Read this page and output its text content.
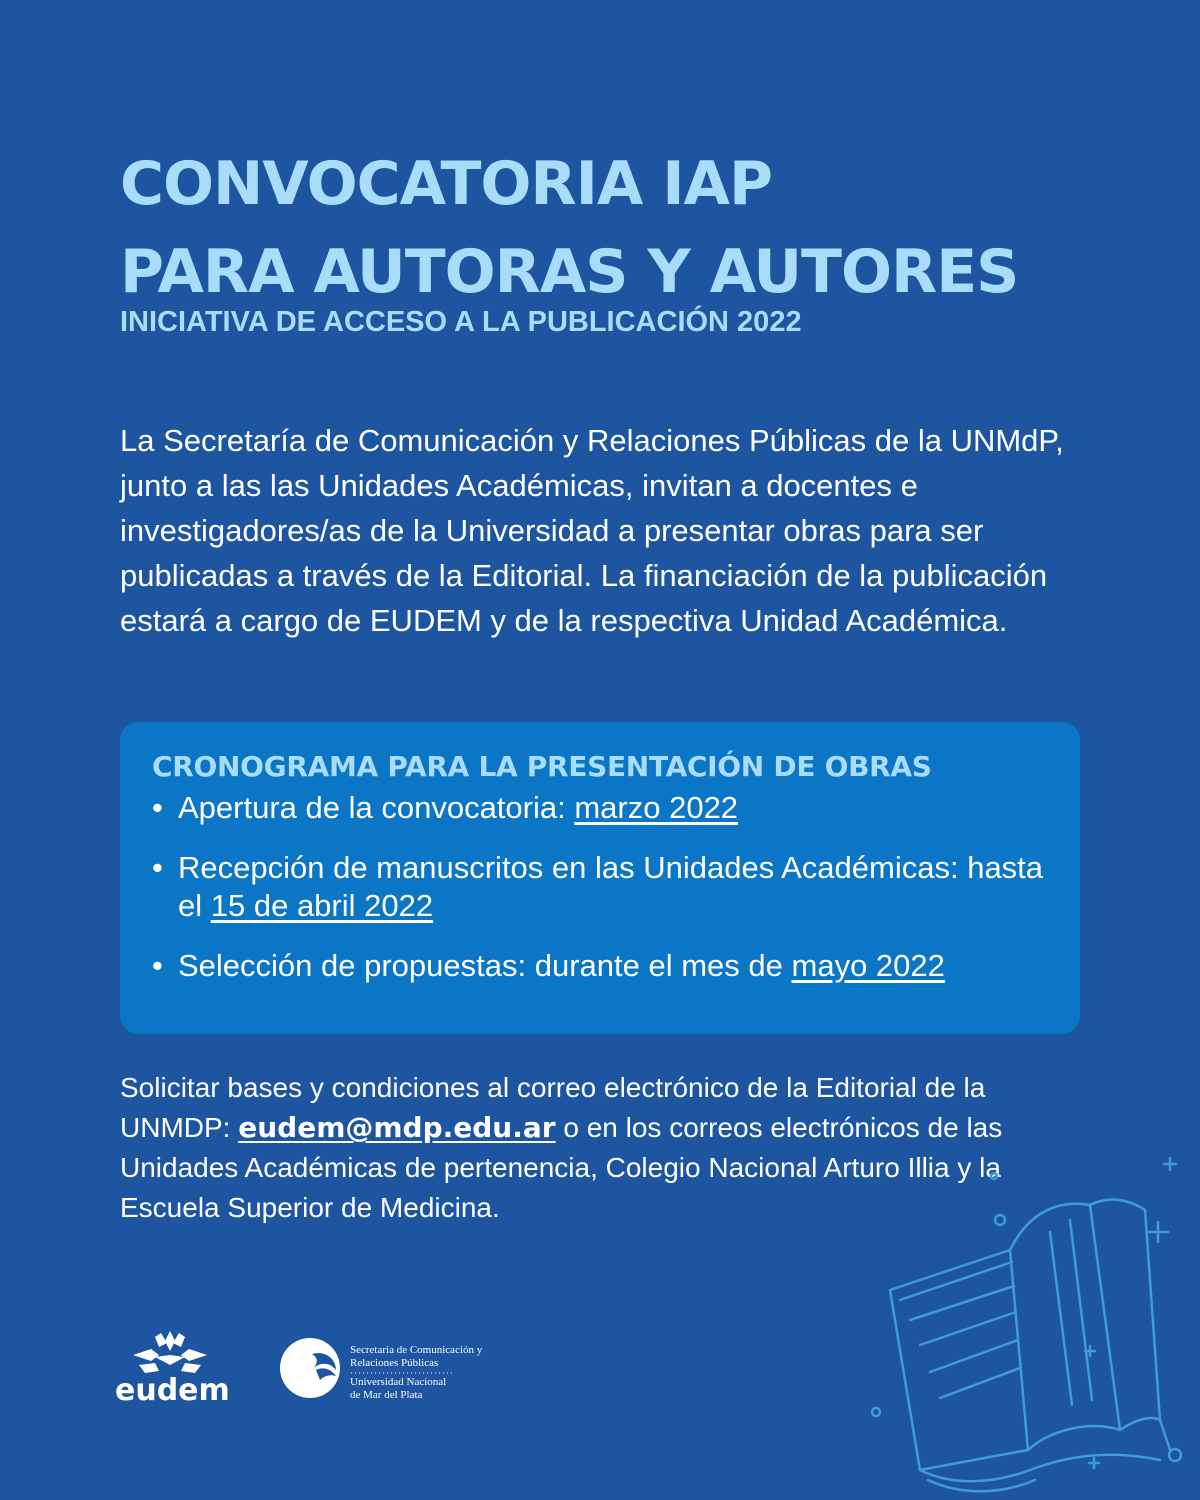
CONVOCATORIA IAP
PARA AUTORAS Y AUTORES
INICIATIVA DE ACCESO A LA PUBLICACIÓN 2022

La Secretaría de Comunicación y Relaciones Públicas de la UNMdP, junto a las las Unidades Académicas, invitan a docentes e investigadores/as de la Universidad a presentar obras para ser publicadas a través de la Editorial. La financiación de la publicación estará a cargo de EUDEM y de la respectiva Unidad Académica.

CRONOGRAMA PARA LA PRESENTACIÓN DE OBRAS
• Apertura de la convocatoria: marzo 2022
• Recepción de manuscritos en las Unidades Académicas: hasta el 15 de abril 2022
• Selección de propuestas: durante el mes de mayo 2022

Solicitar bases y condiciones al correo electrónico de la Editorial de la UNMDP: eudem@mdp.edu.ar o en los correos electrónicos de las Unidades Académicas de pertenencia, Colegio Nacional Arturo Illia y la Escuela Superior de Medicina.

eudem
Secretaria de Comunicación y
Relaciones Públicas
··························
Universidad Nacional
de Mar del Plata
